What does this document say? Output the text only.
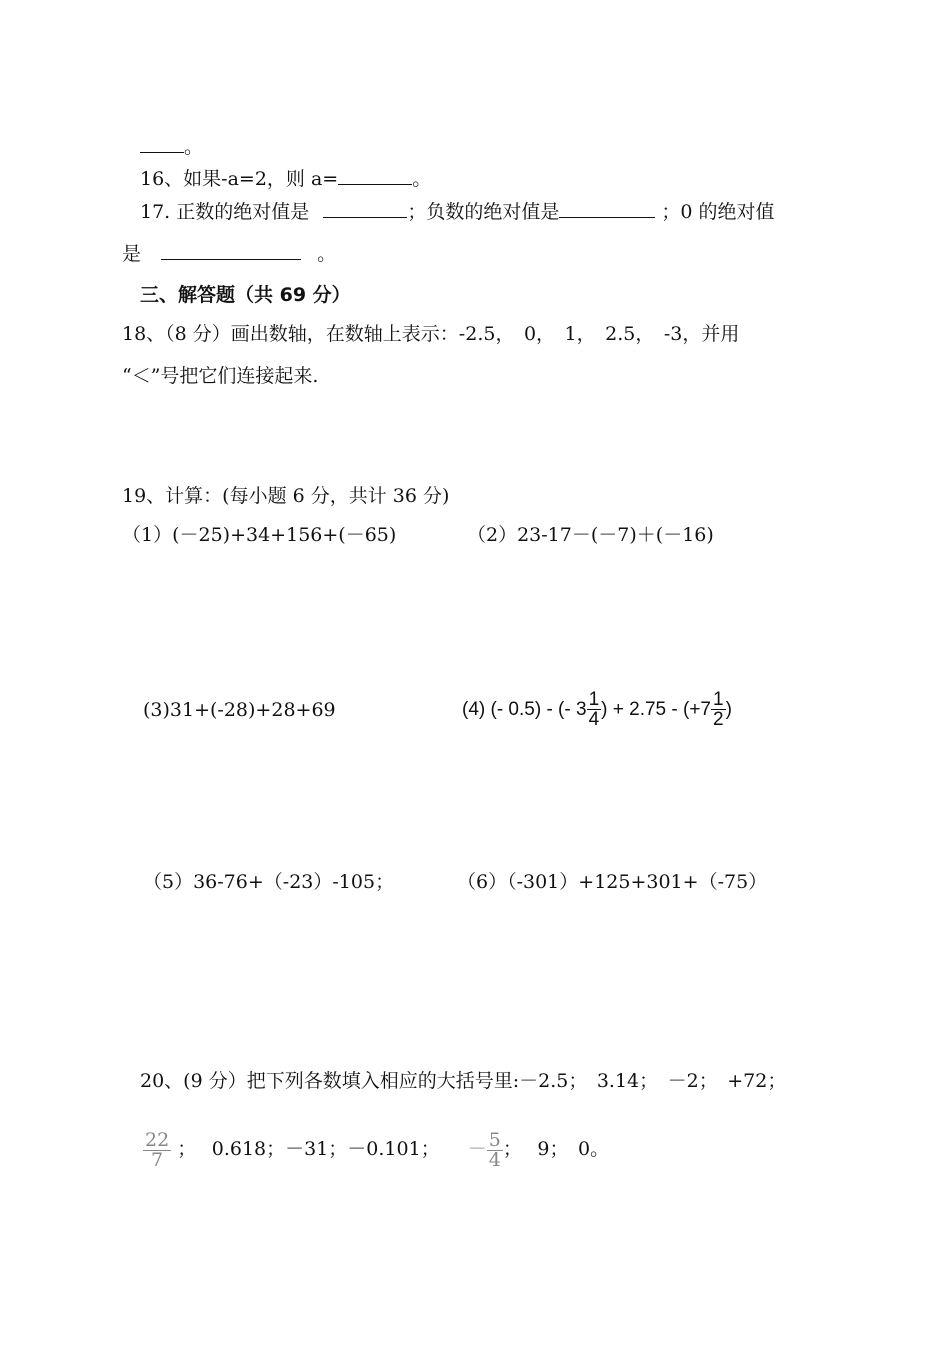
。
16、如果-a=2，则 a=	。
17. 正数的绝对值是	；负数的绝对值是	；0 的绝对值
是	。
三、解答题（共 69 分）
18、（8 分）画出数轴，在数轴上表示：-2.5，　0，　1，　2.5，　-3，并用
“＜”号把它们连接起来.
19、计算：(每小题 6 分，共计 36 分)
（1）(－25)+34+156+(－65)	（2）23-17－(－7)＋(－16)
(3)31+(-28)+28+69	(4) (- 0.5) - (- $3 \frac{1}{4}$ ) + $2.75 - (+7 \frac{1}{2}$ )
（5）36-76+（-23）-105；	（6）（-301）+125+301+（-75）
20、(9 分）把下列各数填入相应的大括号里:－2.5；　3.14；　－2；　+72；
$\frac{22}{7}$ ；　 0.618；－31；－0.101； － $\frac{5}{4}$ ；　 9；　0。
